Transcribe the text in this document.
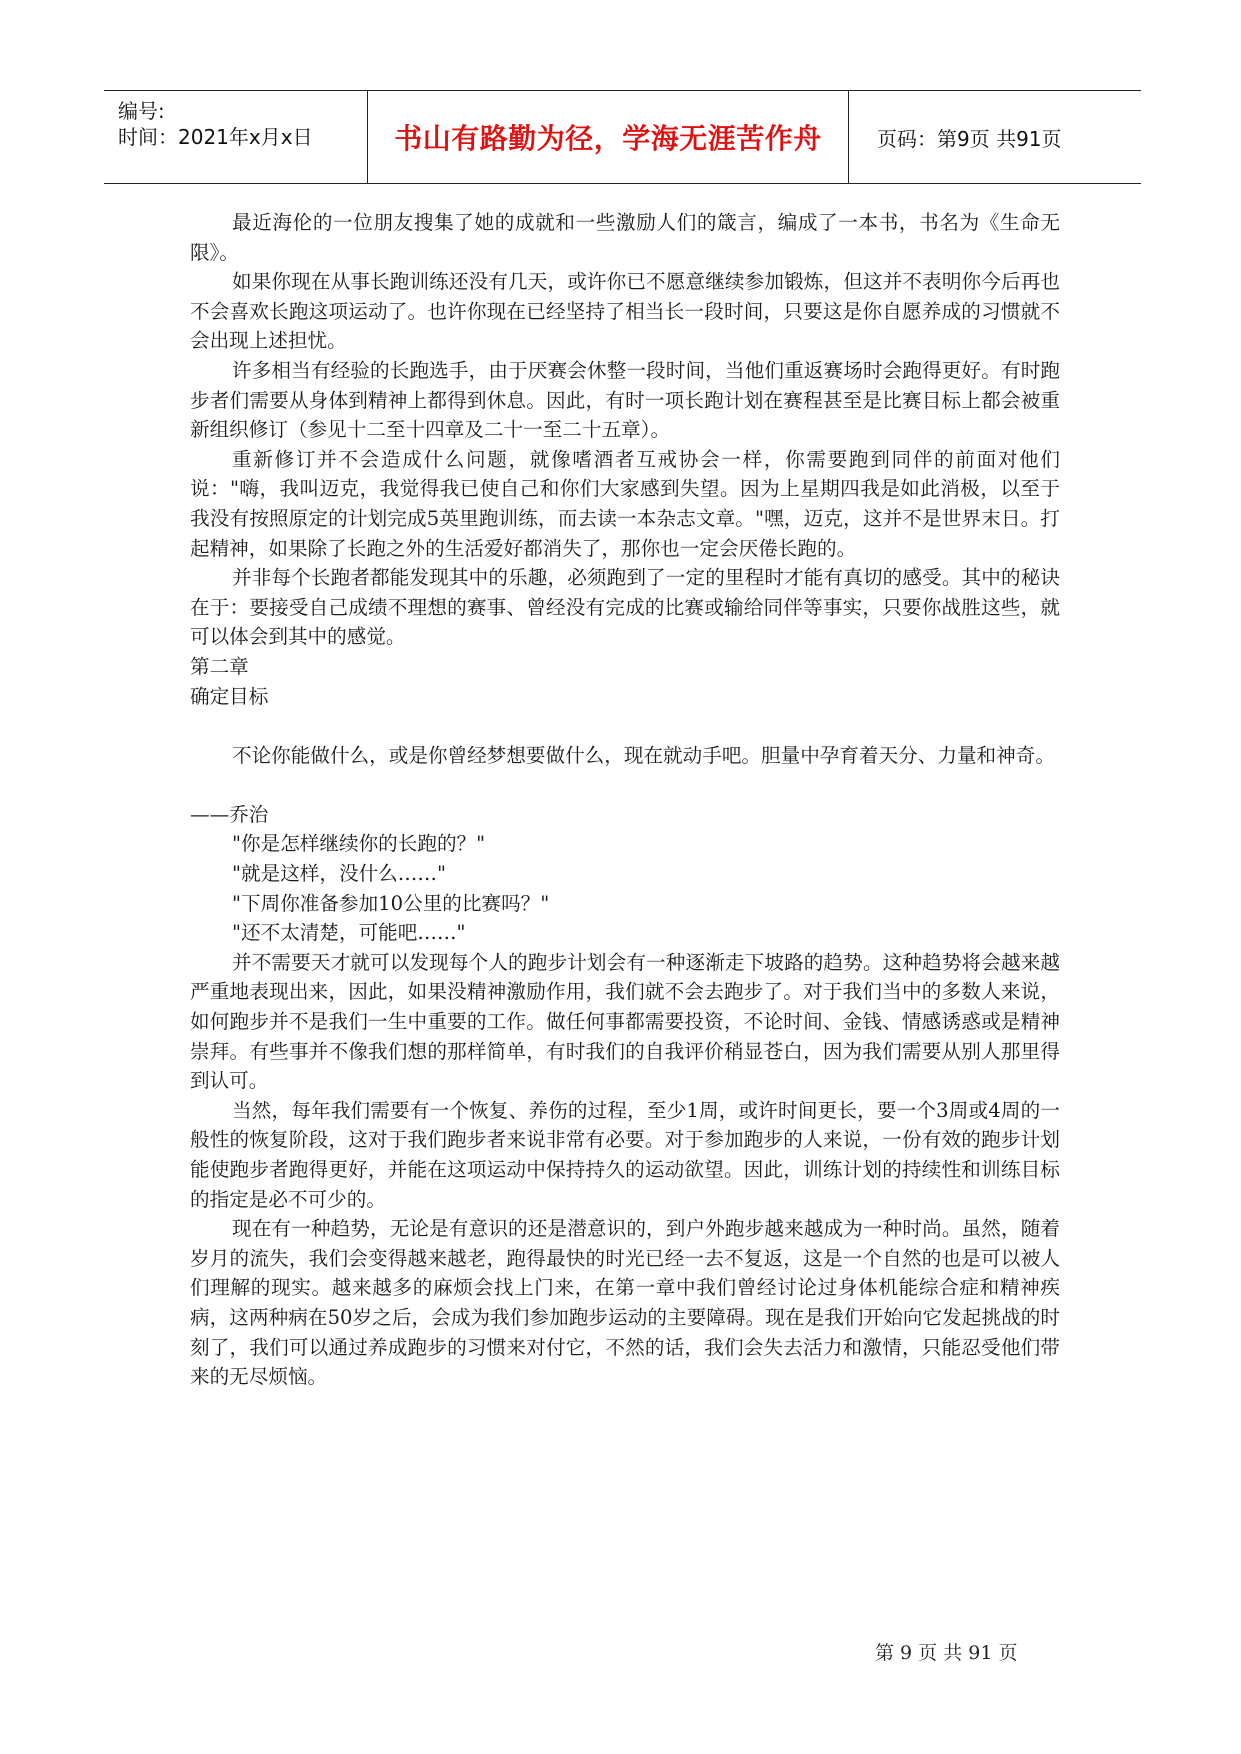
编号:
时间：2021年x月x日	书山有路勤为径，学海无涯苦作舟	页码：第9页 共91页

最近海伦的一位朋友搜集了她的成就和一些激励人们的箴言，编成了一本书，书名为《生命无限》。

如果你现在从事长跑训练还没有几天，或许你已不愿意继续参加锻炼，但这并不表明你今后再也不会喜欢长跑这项运动了。也许你现在已经坚持了相当长一段时间，只要这是你自愿养成的习惯就不会出现上述担忧。

许多相当有经验的长跑选手，由于厌赛会休整一段时间，当他们重返赛场时会跑得更好。有时跑步者们需要从身体到精神上都得到休息。因此，有时一项长跑计划在赛程甚至是比赛目标上都会被重新组织修订（参见十二至十四章及二十一至二十五章）。

重新修订并不会造成什么问题，就像嗜酒者互戒协会一样，你需要跑到同伴的前面对他们说："嗨，我叫迈克，我觉得我已使自己和你们大家感到失望。因为上星期四我是如此消极，以至于我没有按照原定的计划完成5英里跑训练，而去读一本杂志文章。"嘿，迈克，这并不是世界末日。打起精神，如果除了长跑之外的生活爱好都消失了，那你也一定会厌倦长跑的。

并非每个长跑者都能发现其中的乐趣，必须跑到了一定的里程时才能有真切的感受。其中的秘诀在于：要接受自己成绩不理想的赛事、曾经没有完成的比赛或输给同伴等事实，只要你战胜这些，就可以体会到其中的感觉。

第二章

确定目标

不论你能做什么，或是你曾经梦想要做什么，现在就动手吧。胆量中孕育着天分、力量和神奇。

——乔治

"你是怎样继续你的长跑的？"

"就是这样，没什么……"

"下周你准备参加10公里的比赛吗？"

"还不太清楚，可能吧……"

并不需要天才就可以发现每个人的跑步计划会有一种逐渐走下坡路的趋势。这种趋势将会越来越严重地表现出来，因此，如果没精神激励作用，我们就不会去跑步了。对于我们当中的多数人来说，如何跑步并不是我们一生中重要的工作。做任何事都需要投资，不论时间、金钱、情感诱惑或是精神崇拜。有些事并不像我们想的那样简单，有时我们的自我评价稍显苍白，因为我们需要从别人那里得到认可。

当然，每年我们需要有一个恢复、养伤的过程，至少1周，或许时间更长，要一个3周或4周的一般性的恢复阶段，这对于我们跑步者来说非常有必要。对于参加跑步的人来说，一份有效的跑步计划能使跑步者跑得更好，并能在这项运动中保持持久的运动欲望。因此，训练计划的持续性和训练目标的指定是必不可少的。

现在有一种趋势，无论是有意识的还是潜意识的，到户外跑步越来越成为一种时尚。虽然，随着岁月的流失，我们会变得越来越老，跑得最快的时光已经一去不复返，这是一个自然的也是可以被人们理解的现实。越来越多的麻烦会找上门来，在第一章中我们曾经讨论过身体机能综合症和精神疾病，这两种病在50岁之后，会成为我们参加跑步运动的主要障碍。现在是我们开始向它发起挑战的时刻了，我们可以通过养成跑步的习惯来对付它，不然的话，我们会失去活力和激情，只能忍受他们带来的无尽烦恼。

第 9 页 共 91 页
